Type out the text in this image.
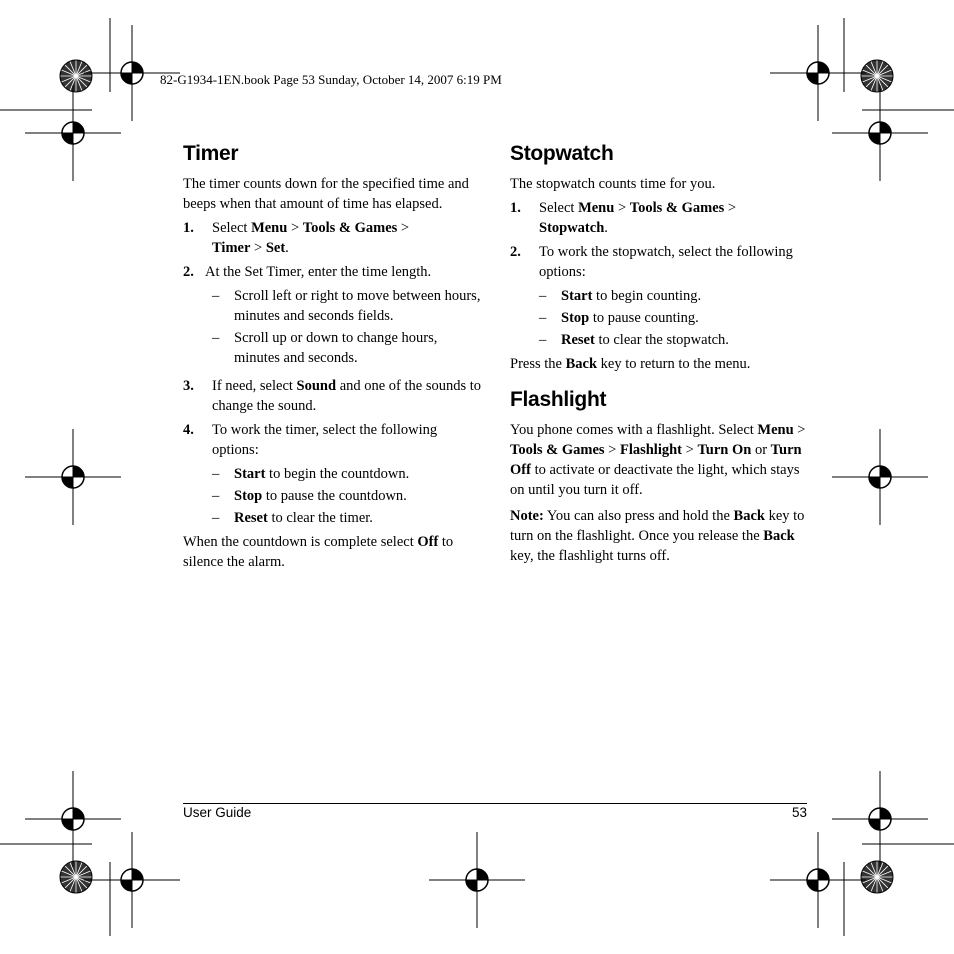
82-G1934-1EN.book Page 53 Sunday, October 14, 2007 6:19 PM
Timer

The timer counts down for the specified time and beeps when that amount of time has elapsed.

1. Select Menu > Tools & Games >
Timer > Set.
2. At the Set Timer, enter the time length.
– Scroll left or right to move between hours, minutes and seconds fields.
– Scroll up or down to change hours, minutes and seconds.
3. If need, select Sound and one of the sounds to change the sound.
4. To work the timer, select the following options:
– Start to begin the countdown.
– Stop to pause the countdown.
– Reset to clear the timer.

When the countdown is complete select Off to silence the alarm.

Stopwatch

The stopwatch counts time for you.

1. Select Menu > Tools & Games >
Stopwatch.
2. To work the stopwatch, select the following options:
– Start to begin counting.
– Stop to pause counting.
– Reset to clear the stopwatch.

Press the Back key to return to the menu.

Flashlight

You phone comes with a flashlight. Select Menu > Tools & Games > Flashlight > Turn On or Turn Off to activate or deactivate the light, which stays on until you turn it off.

Note: You can also press and hold the Back key to turn on the flashlight. Once you release the Back key, the flashlight turns off.

User Guide	53
